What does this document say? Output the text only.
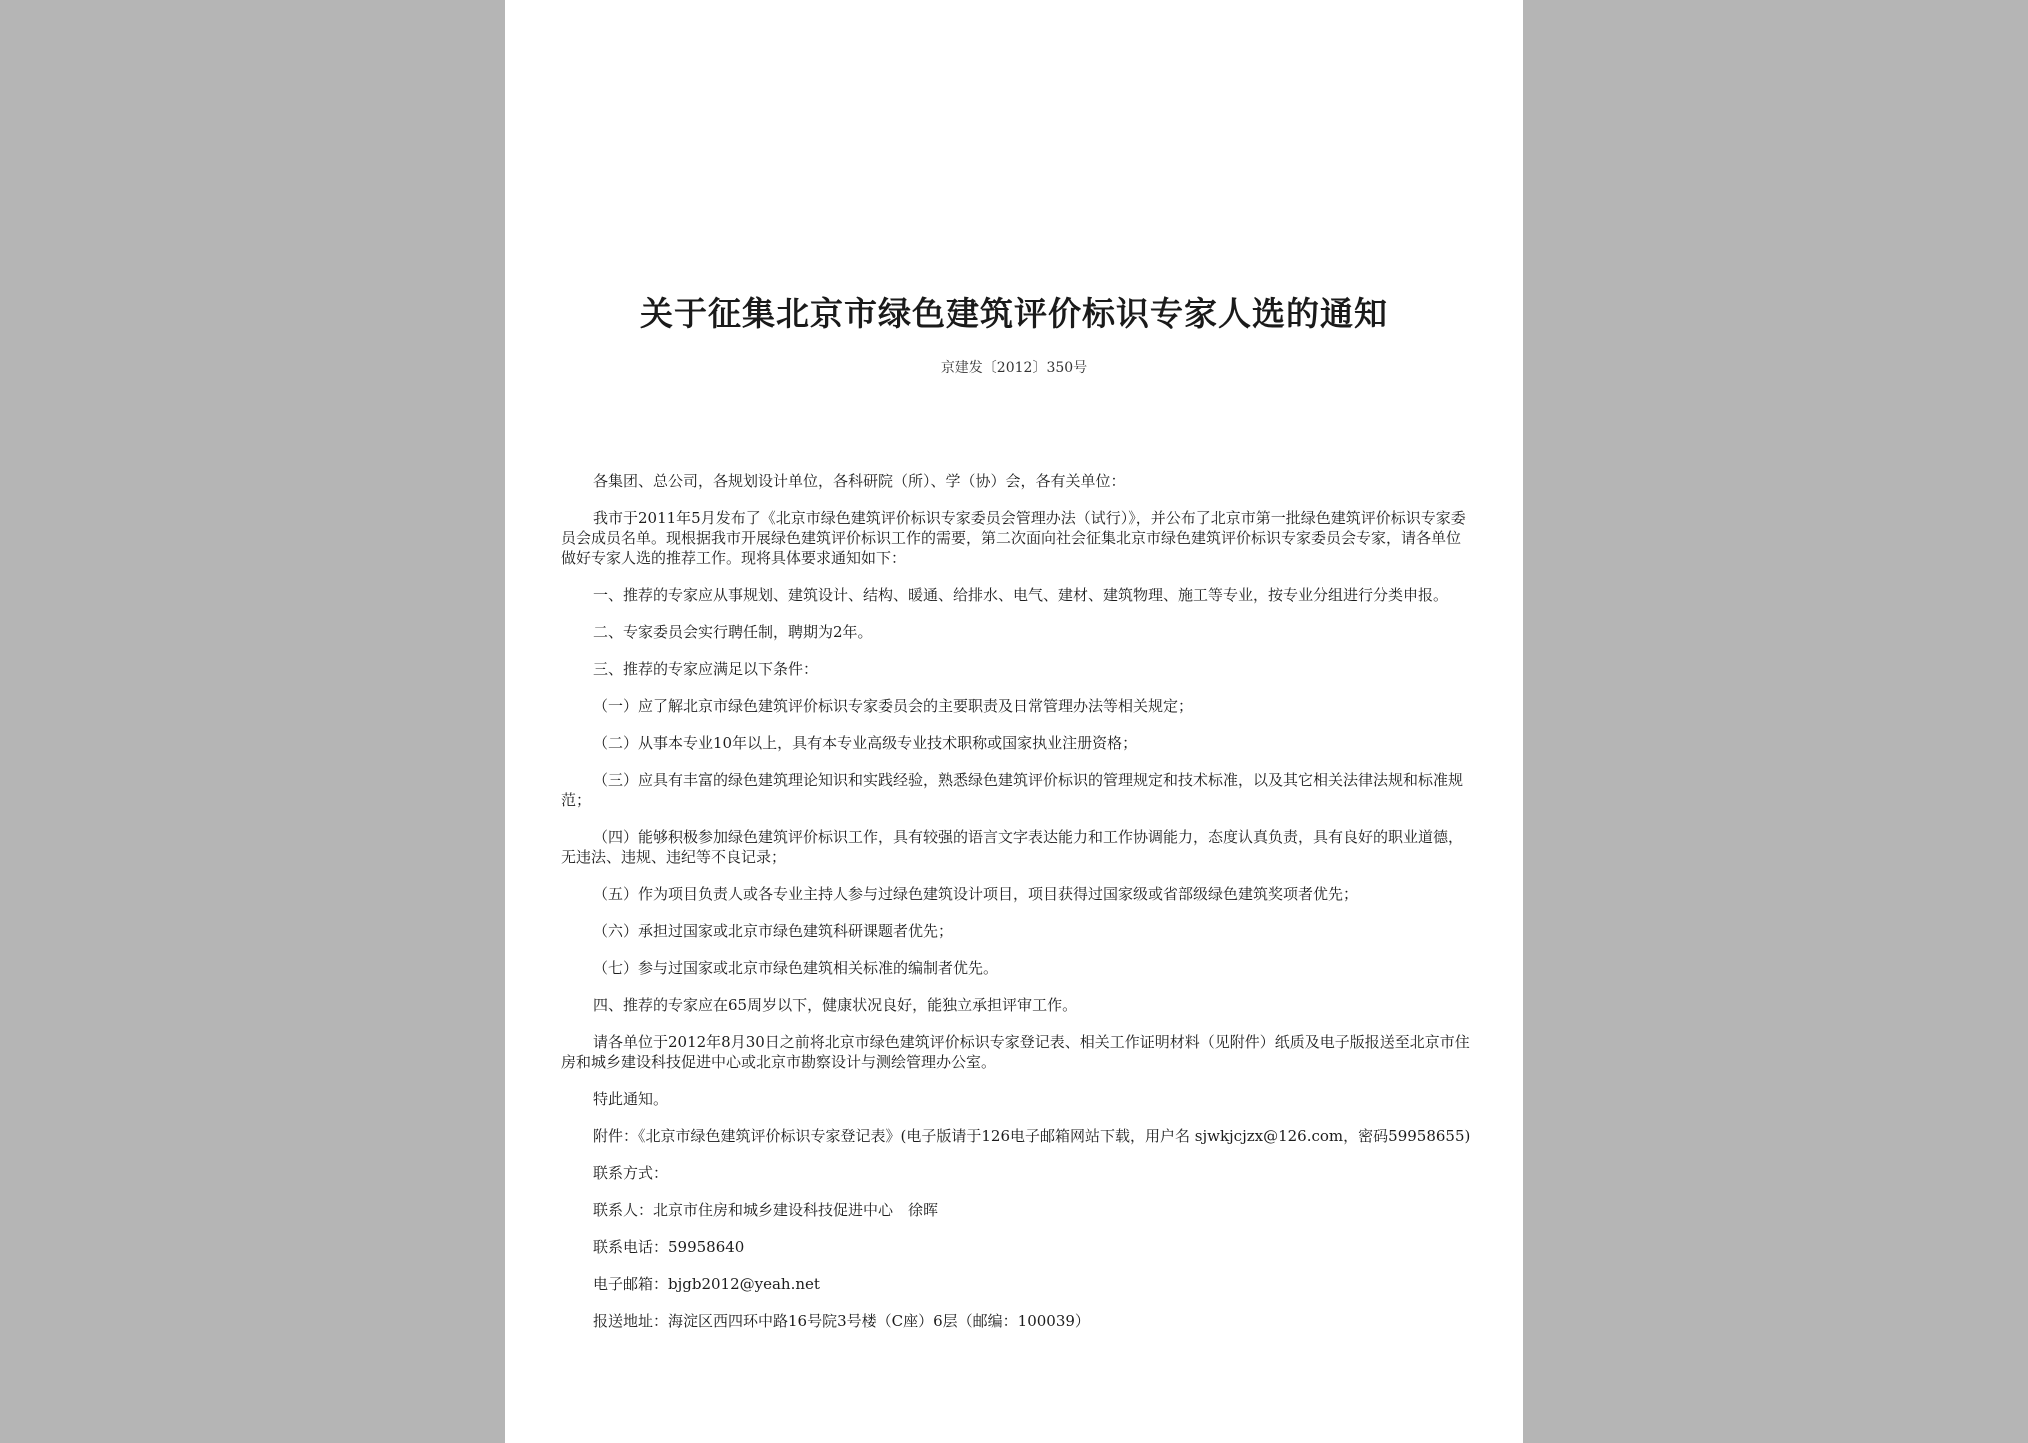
关于征集北京市绿色建筑评价标识专家人选的通知
京建发〔2012〕350号

各集团、总公司，各规划设计单位，各科研院（所）、学（协）会，各有关单位：

我市于2011年5月发布了《北京市绿色建筑评价标识专家委员会管理办法（试行）》，并公布了北京市第一批绿色建筑评价标识专家委员会成员名单。现根据我市开展绿色建筑评价标识工作的需要，第二次面向社会征集北京市绿色建筑评价标识专家委员会专家，请各单位做好专家人选的推荐工作。现将具体要求通知如下：

一、推荐的专家应从事规划、建筑设计、结构、暖通、给排水、电气、建材、建筑物理、施工等专业，按专业分组进行分类申报。

二、专家委员会实行聘任制，聘期为2年。

三、推荐的专家应满足以下条件：

（一）应了解北京市绿色建筑评价标识专家委员会的主要职责及日常管理办法等相关规定；

（二）从事本专业10年以上，具有本专业高级专业技术职称或国家执业注册资格；

（三）应具有丰富的绿色建筑理论知识和实践经验，熟悉绿色建筑评价标识的管理规定和技术标准，以及其它相关法律法规和标准规范；

（四）能够积极参加绿色建筑评价标识工作，具有较强的语言文字表达能力和工作协调能力，态度认真负责，具有良好的职业道德，无违法、违规、违纪等不良记录；

（五）作为项目负责人或各专业主持人参与过绿色建筑设计项目，项目获得过国家级或省部级绿色建筑奖项者优先；

（六）承担过国家或北京市绿色建筑科研课题者优先；

（七）参与过国家或北京市绿色建筑相关标准的编制者优先。

四、推荐的专家应在65周岁以下，健康状况良好，能独立承担评审工作。

请各单位于2012年8月30日之前将北京市绿色建筑评价标识专家登记表、相关工作证明材料（见附件）纸质及电子版报送至北京市住房和城乡建设科技促进中心或北京市勘察设计与测绘管理办公室。

特此通知。

附件：《北京市绿色建筑评价标识专家登记表》(电子版请于126电子邮箱网站下载，用户名 sjwkjcjzx@126.com，密码59958655)

联系方式：

联系人：北京市住房和城乡建设科技促进中心　徐晖

联系电话：59958640

电子邮箱：bjgb2012@yeah.net

报送地址：海淀区西四环中路16号院3号楼（C座）6层（邮编：100039）
